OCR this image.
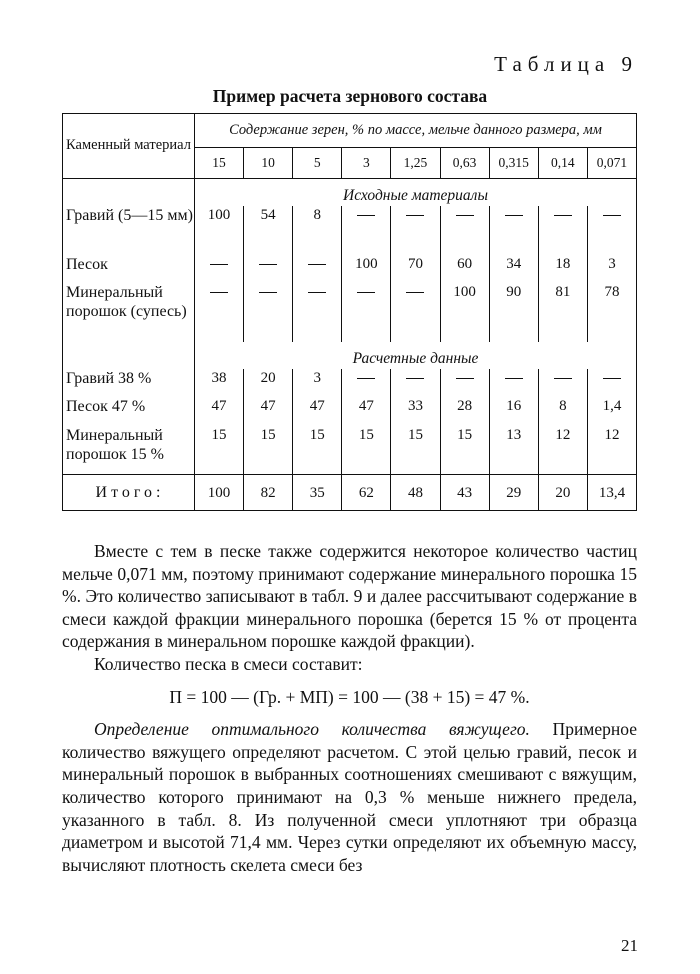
Таблица 9
Пример расчета зернового состава
Каменный материал	Содержание зерен, % по массе, мельче данного размера, мм								
	15	10	5	3	1,25	0,63	0,315	0,14	0,071
	Исходные материалы								
Гравий (5—15 мм)	100	54	8						
Песок				100	70	60	34	18	3
Минеральный порошок (супесь)						100	90	81	78
	Расчетные данные								
Гравий 38 %	38	20	3						
Песок 47 %	47	47	47	47	33	28	16	8	1,4
Минеральный порошок 15 %	15	15	15	15	15	15	13	12	12
Итого:	100	82	35	62	48	43	29	20	13,4

Вместе с тем в песке также содержится некоторое количество частиц мельче 0,071 мм, поэтому принимают содержание минерального порошка 15 %. Это количество записывают в табл. 9 и далее рассчитывают содержание в смеси каждой фракции минерального порошка (берется 15 % от процента содержания в минеральном порошке каждой фракции).

Количество песка в смеси составит:

П = 100 — (Гр. + МП) = 100 — (38 + 15) = 47 %.

Определение оптимального количества вяжущего. Примерное количество вяжущего определяют расчетом. С этой целью гравий, песок и минеральный порошок в выбранных соотношениях смешивают с вяжущим, количество которого принимают на 0,3 % меньше нижнего предела, указанного в табл. 8. Из полученной смеси уплотняют три образца диаметром и высотой 71,4 мм. Через сутки определяют их объемную массу, вычисляют плотность скелета смеси без

21
